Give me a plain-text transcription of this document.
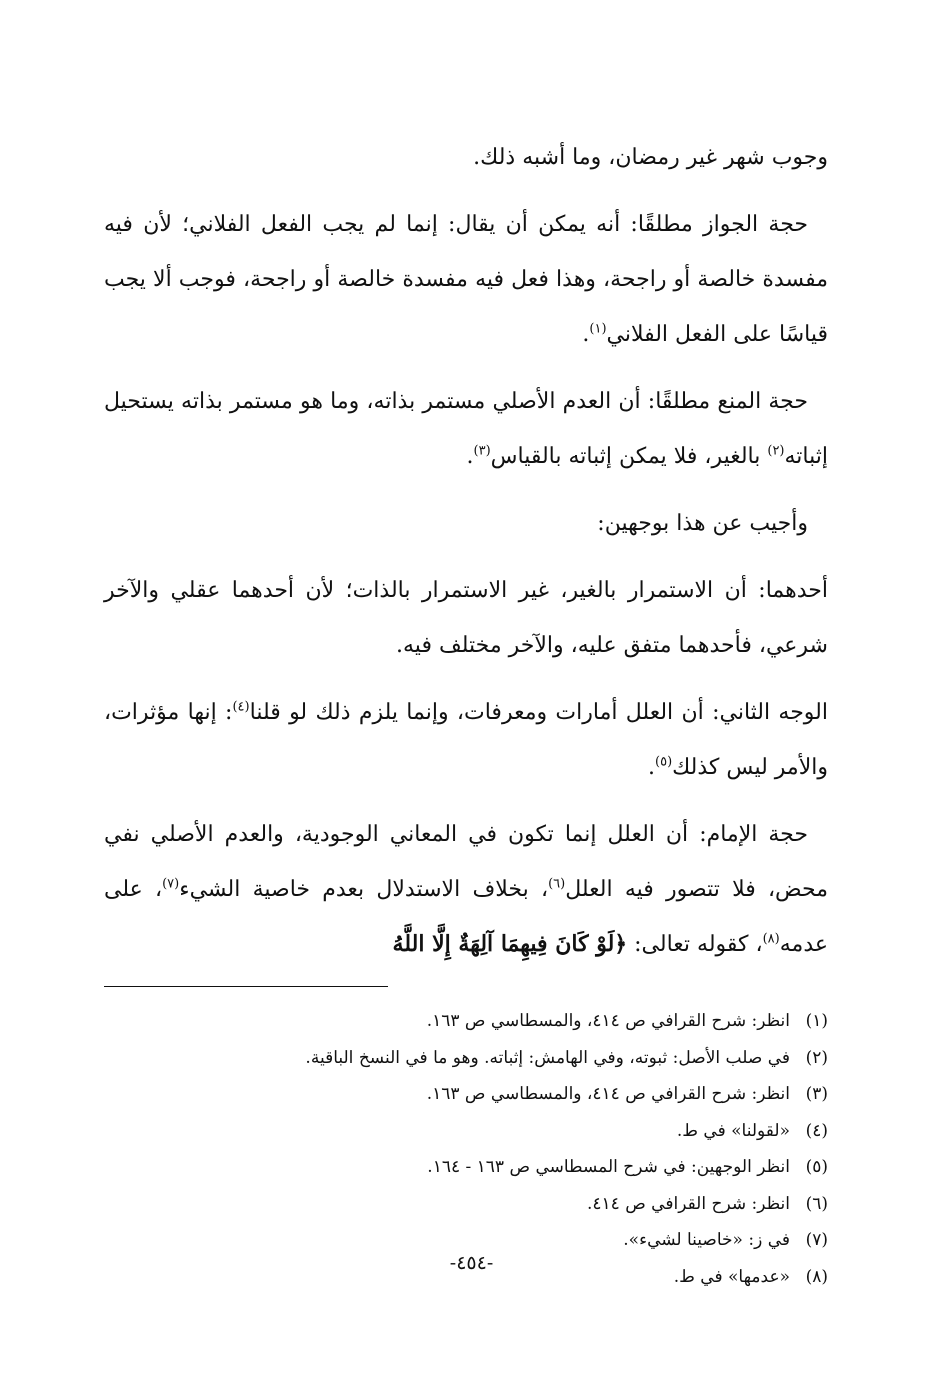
وجوب شهر غير رمضان، وما أشبه ذلك.

حجة الجواز مطلقًا: أنه يمكن أن يقال: إنما لم يجب الفعل الفلاني؛ لأن فيه مفسدة خالصة أو راجحة، وهذا فعل فيه مفسدة خالصة أو راجحة، فوجب ألا يجب قياسًا على الفعل الفلاني$^{(١)}$.

حجة المنع مطلقًا: أن العدم الأصلي مستمر بذاته، وما هو مستمر بذاته يستحيل إثباته$^{(٢)}$ بالغير، فلا يمكن إثباته بالقياس$^{(٣)}$.

وأجيب عن هذا بوجهين:

أحدهما: أن الاستمرار بالغير، غير الاستمرار بالذات؛ لأن أحدهما عقلي والآخر شرعي، فأحدهما متفق عليه، والآخر مختلف فيه.

الوجه الثاني: أن العلل أمارات ومعرفات، وإنما يلزم ذلك لو قلنا$^{(٤)}$: إنها مؤثرات، والأمر ليس كذلك$^{(٥)}$.

حجة الإمام: أن العلل إنما تكون في المعاني الوجودية، والعدم الأصلي نفي محض، فلا تتصور فيه العلل$^{(٦)}$، بخلاف الاستدلال بعدم خاصية الشيء$^{(٧)}$، على عدمه$^{(٨)}$، كقوله تعالى: ﴿لَوْ كَانَ فِيهِمَا آلِهَةٌ إِلَّا اللَّهُ

(١)انظر: شرح القرافي ص ٤١٤، والمسطاسي ص ١٦٣.

(٢)في صلب الأصل: ثبوته، وفي الهامش: إثباته. وهو ما في النسخ الباقية.

(٣)انظر: شرح القرافي ص ٤١٤، والمسطاسي ص ١٦٣.

(٤)«لقولنا» في ط.

(٥)انظر الوجهين: في شرح المسطاسي ص ١٦٣ - ١٦٤.

(٦)انظر: شرح القرافي ص ٤١٤.

(٧)في ز: «خاصينا لشيء».

(٨)«عدمها» في ط.

-٤٥٤-
